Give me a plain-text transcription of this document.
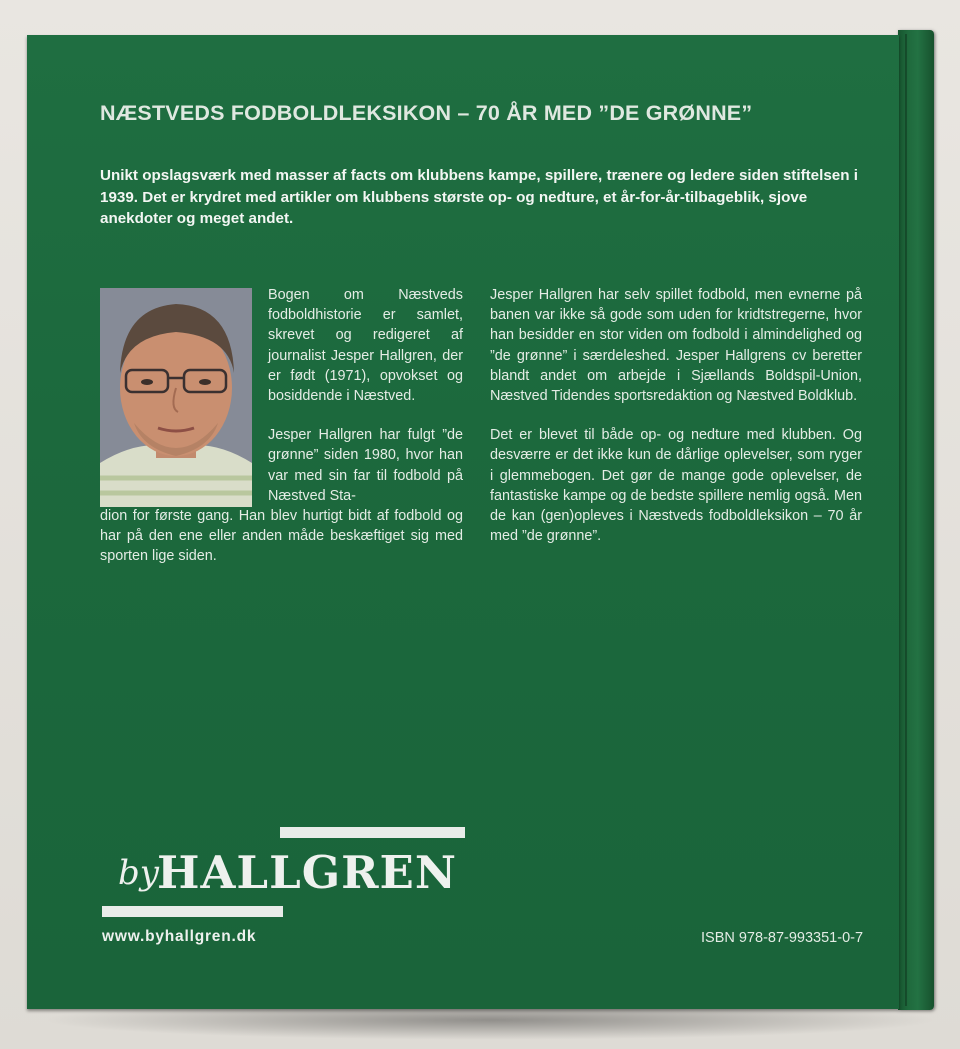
NÆSTVEDS FODBOLDLEKSIKON – 70 ÅR MED ”DE GRØNNE”
Unikt opslagsværk med masser af facts om klubbens kampe, spillere, trænere og ledere siden stiftelsen i 1939. Det er krydret med artikler om klubbens største op- og nedture, et år-for-år-tilbageblik, sjove anekdoter og meget andet.

Bogen om Næstveds fodboldhistorie er samlet, skrevet og redigeret af journalist Jesper Hallgren, der er født (1971), opvokset og bosiddende i Næstved.

Jesper Hallgren har fulgt ”de grønne” siden 1980, hvor han var med sin far til fodbold på Næstved Sta-

dion for første gang. Han blev hurtigt bidt af fodbold og har på den ene eller anden måde beskæftiget sig med sporten lige siden.

Jesper Hallgren har selv spillet fodbold, men evnerne på banen var ikke så gode som uden for kridtstregerne, hvor han besidder en stor viden om fodbold i almindelighed og ”de grønne” i særdeleshed. Jesper Hallgrens cv beretter blandt andet om arbejde i Sjællands Boldspil-Union, Næstved Tidendes sportsredaktion og Næstved Boldklub.

Det er blevet til både op- og nedture med klubben. Og desværre er det ikke kun de dårlige oplevelser, som ryger i glemmebogen. Det gør de mange gode oplevelser, de fantastiske kampe og de bedste spillere nemlig også. Men de kan (gen)opleves i Næstveds fodboldleksikon – 70 år med ”de grønne”.

by
HALLGREN
www.byhallgren.dk	ISBN 978-87-993351-0-7
